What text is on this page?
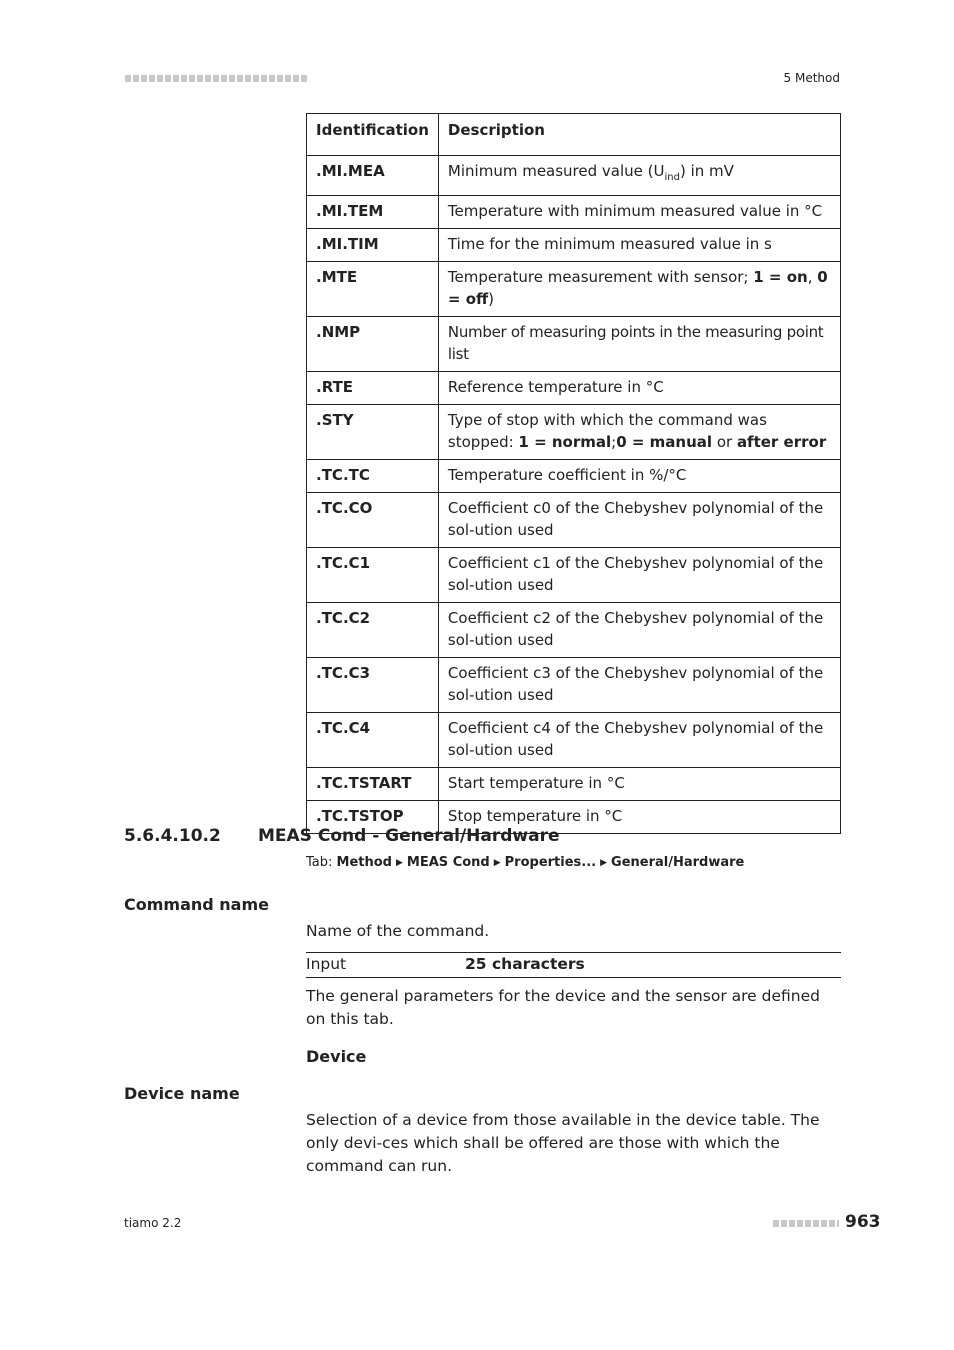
5 Method
Identification	Description
.MI.MEA	Minimum measured value $(U_{ind})$ in mV
.MI.TEM	Temperature with minimum measured value in °C
.MI.TIM	Time for the minimum measured value in s
.MTE	Temperature measurement with sensor; 1 = on, 0 = off)
.NMP	Number of measuring points in the measuring point list
.RTE	Reference temperature in °C
.STY	Type of stop with which the command was stopped: 1 = normal;0 = manual or after error
.TC.TC	Temperature coefficient in %/°C
.TC.CO	Coefficient c0 of the Chebyshev polynomial of the sol-ution used
.TC.C1	Coefficient c1 of the Chebyshev polynomial of the sol-ution used
.TC.C2	Coefficient c2 of the Chebyshev polynomial of the sol-ution used
.TC.C3	Coefficient c3 of the Chebyshev polynomial of the sol-ution used
.TC.C4	Coefficient c4 of the Chebyshev polynomial of the sol-ution used
.TC.TSTART	Start temperature in °C
.TC.TSTOP	Stop temperature in °C
5.6.4.10.2 MEAS Cond - General/Hardware
Tab: Method ▶ MEAS Cond ▶ Properties... ▶ General/Hardware
Command name
Name of the command.
Input	25 characters
The general parameters for the device and the sensor are defined on this tab.
Device
Device name
Selection of a device from those available in the device table. The only devi-ces which shall be offered are those with which the command can run.
tiamo 2.2	963
